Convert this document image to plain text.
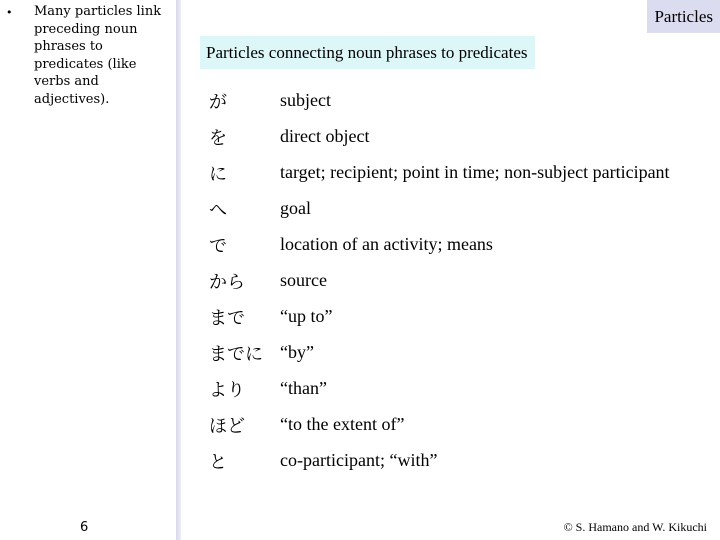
• Many particles link preceding noun phrases to predicates (like verbs and adjectives).
6
Particles
Particles connecting noun phrases to predicates
が	subject
を	direct object
に	target; recipient; point in time; non-subject participant
へ	goal
で	location of an activity; means
から source
まで “up to”
までに “by”
より “than”
ほど “to the extent of”
と	co-participant; “with”
© S. Hamano and W. Kikuchi
